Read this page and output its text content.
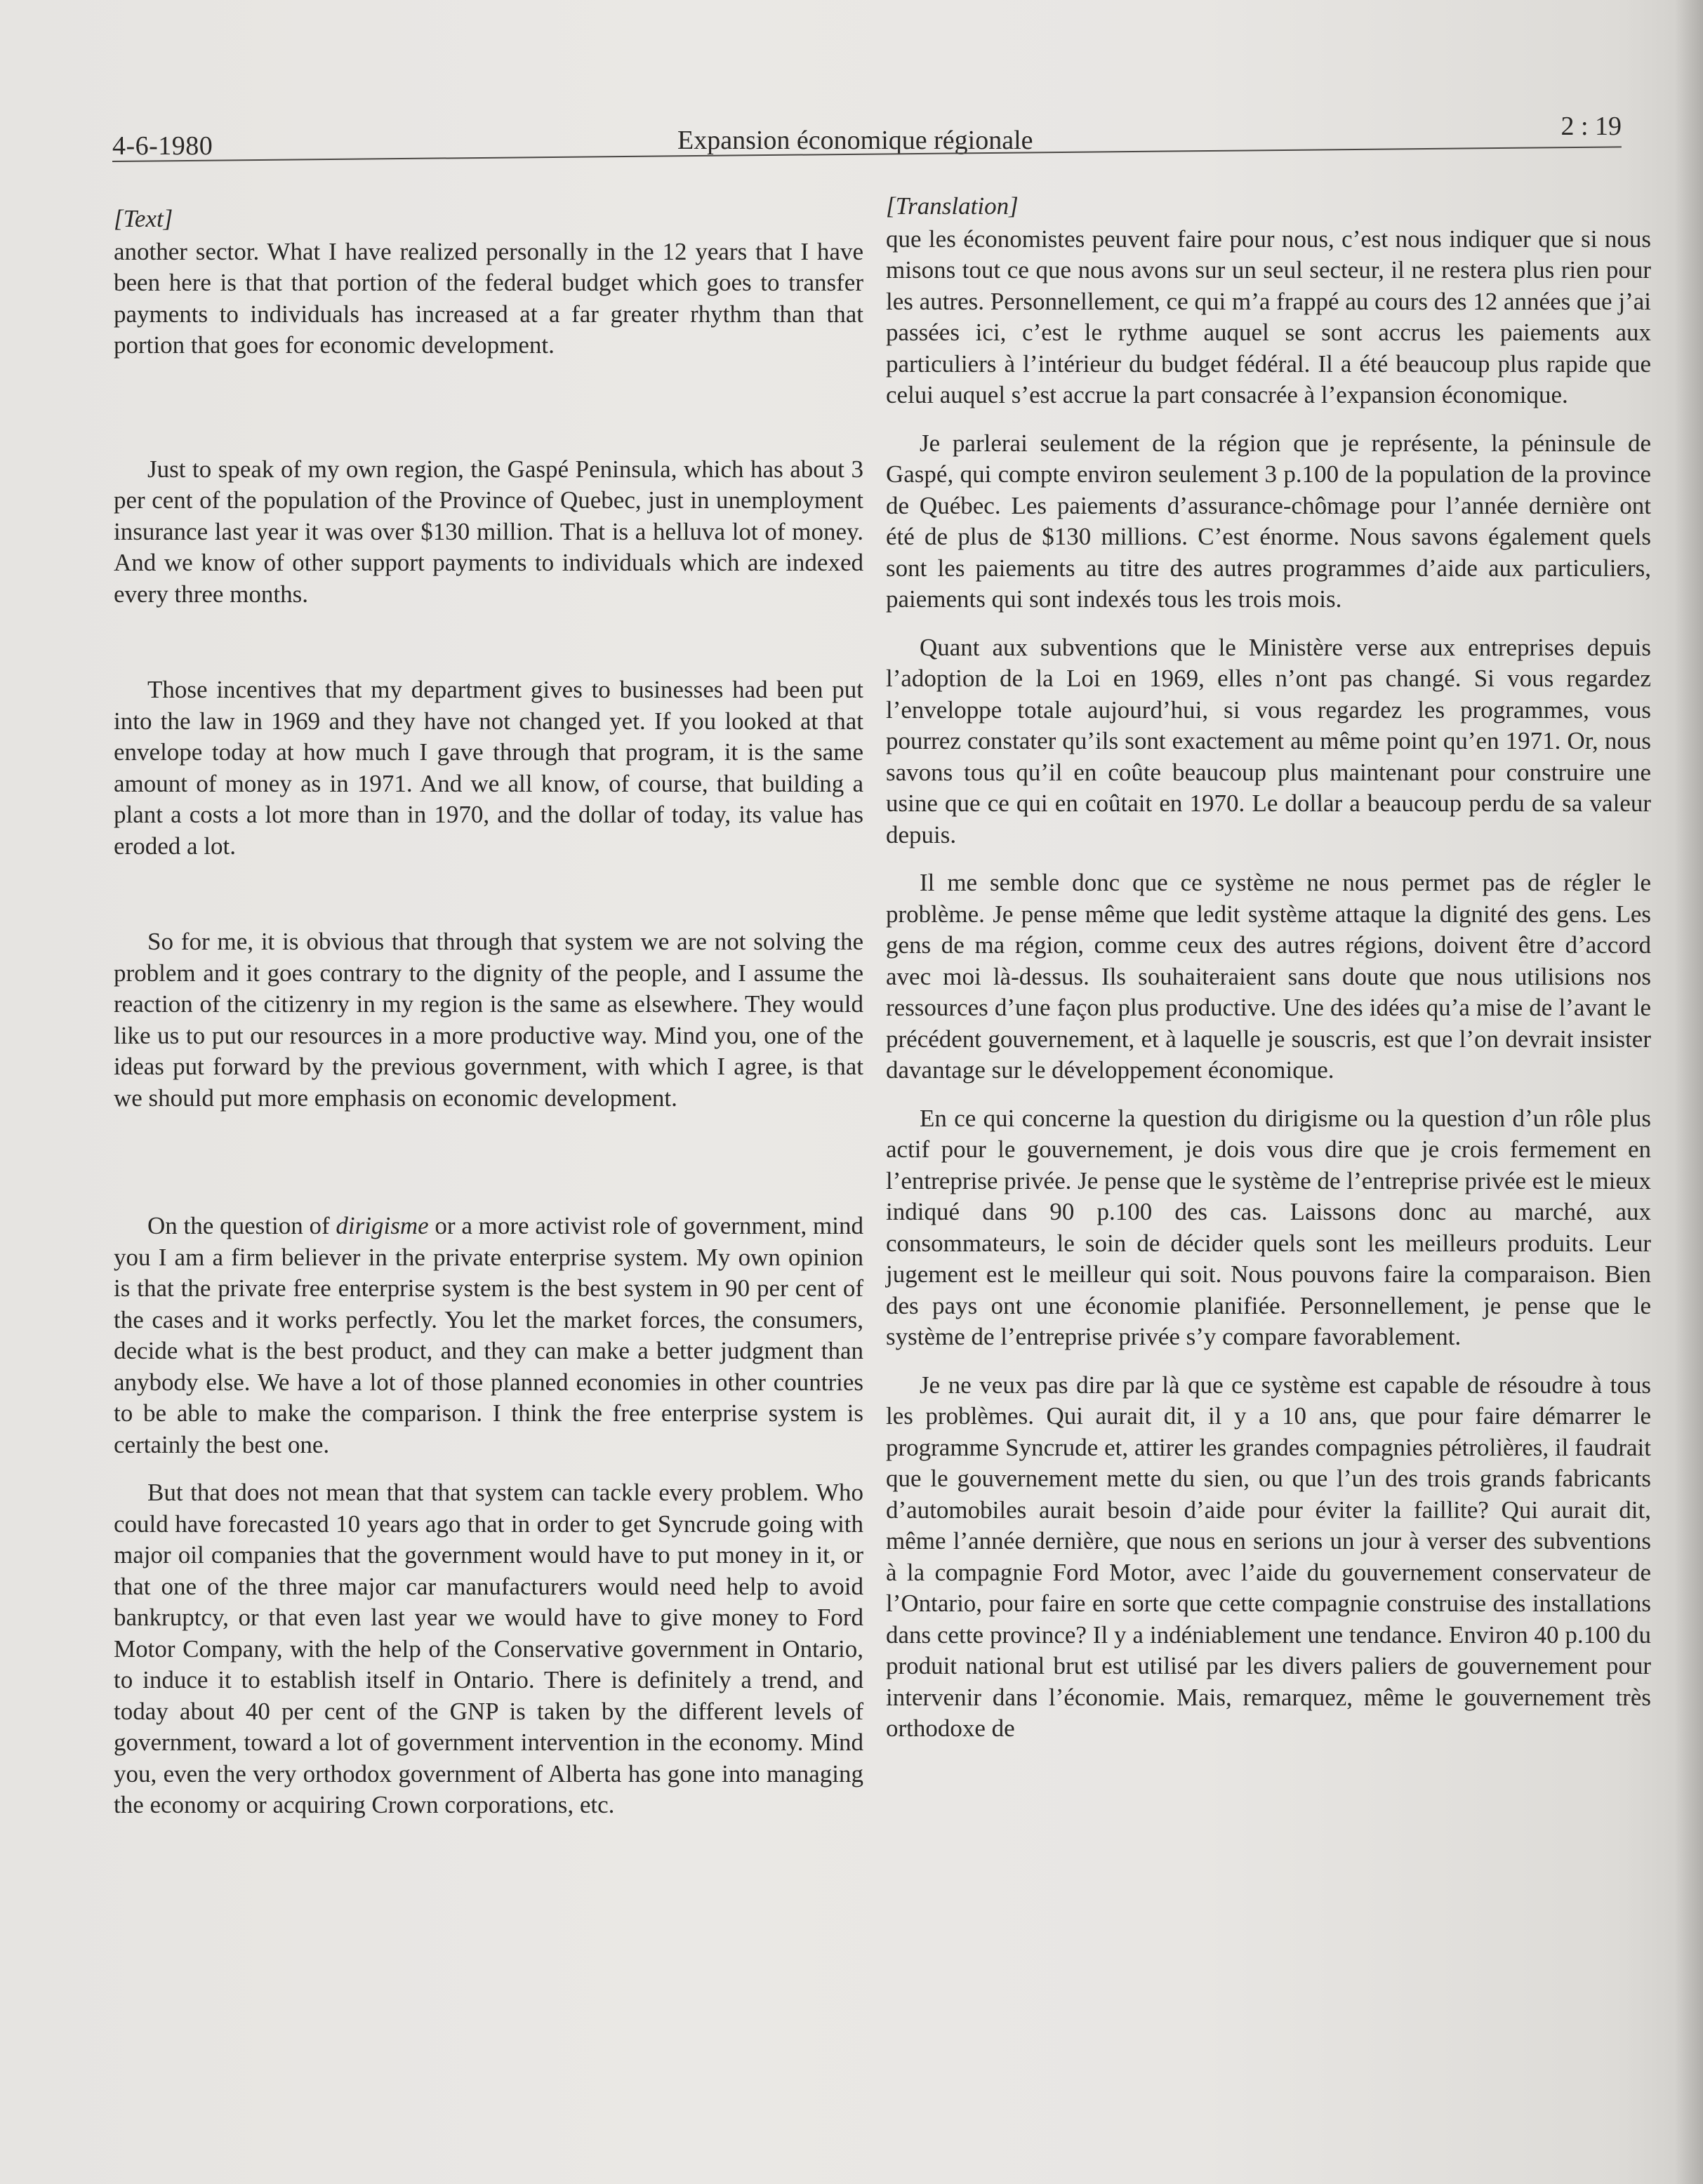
4-6-1980	Expansion économique régionale	2 : 19
[Text]

another sector. What I have realized personally in the 12 years that I have been here is that that portion of the federal budget which goes to transfer payments to individuals has increased at a far greater rhythm than that portion that goes for economic development.

Just to speak of my own region, the Gaspé Peninsula, which has about 3 per cent of the population of the Province of Quebec, just in unemployment insurance last year it was over $130 million. That is a helluva lot of money. And we know of other support payments to individuals which are indexed every three months.

Those incentives that my department gives to businesses had been put into the law in 1969 and they have not changed yet. If you looked at that envelope today at how much I gave through that program, it is the same amount of money as in 1971. And we all know, of course, that building a plant a costs a lot more than in 1970, and the dollar of today, its value has eroded a lot.

So for me, it is obvious that through that system we are not solving the problem and it goes contrary to the dignity of the people, and I assume the reaction of the citizenry in my region is the same as elsewhere. They would like us to put our resources in a more productive way. Mind you, one of the ideas put forward by the previous government, with which I agree, is that we should put more emphasis on economic development.

On the question of dirigisme or a more activist role of government, mind you I am a firm believer in the private enterprise system. My own opinion is that the private free enterprise system is the best system in 90 per cent of the cases and it works perfectly. You let the market forces, the consumers, decide what is the best product, and they can make a better judgment than anybody else. We have a lot of those planned economies in other countries to be able to make the comparison. I think the free enterprise system is certainly the best one.

But that does not mean that that system can tackle every problem. Who could have forecasted 10 years ago that in order to get Syncrude going with major oil companies that the government would have to put money in it, or that one of the three major car manufacturers would need help to avoid bankruptcy, or that even last year we would have to give money to Ford Motor Company, with the help of the Conservative government in Ontario, to induce it to establish itself in Ontario. There is definitely a trend, and today about 40 per cent of the GNP is taken by the different levels of government, toward a lot of government intervention in the economy. Mind you, even the very orthodox government of Alberta has gone into managing the economy or acquiring Crown corporations, etc.

[Translation]

que les économistes peuvent faire pour nous, c’est nous indiquer que si nous misons tout ce que nous avons sur un seul secteur, il ne restera plus rien pour les autres. Personnellement, ce qui m’a frappé au cours des 12 années que j’ai passées ici, c’est le rythme auquel se sont accrus les paiements aux particuliers à l’intérieur du budget fédéral. Il a été beaucoup plus rapide que celui auquel s’est accrue la part consacrée à l’expansion économique.

Je parlerai seulement de la région que je représente, la péninsule de Gaspé, qui compte environ seulement 3 p.100 de la population de la province de Québec. Les paiements d’assurance-chômage pour l’année dernière ont été de plus de $130 millions. C’est énorme. Nous savons également quels sont les paiements au titre des autres programmes d’aide aux particuliers, paiements qui sont indexés tous les trois mois.

Quant aux subventions que le Ministère verse aux entreprises depuis l’adoption de la Loi en 1969, elles n’ont pas changé. Si vous regardez l’enveloppe totale aujourd’hui, si vous regardez les programmes, vous pourrez constater qu’ils sont exactement au même point qu’en 1971. Or, nous savons tous qu’il en coûte beaucoup plus maintenant pour construire une usine que ce qui en coûtait en 1970. Le dollar a beaucoup perdu de sa valeur depuis.

Il me semble donc que ce système ne nous permet pas de régler le problème. Je pense même que ledit système attaque la dignité des gens. Les gens de ma région, comme ceux des autres régions, doivent être d’accord avec moi là-dessus. Ils souhaiteraient sans doute que nous utilisions nos ressources d’une façon plus productive. Une des idées qu’a mise de l’avant le précédent gouvernement, et à laquelle je souscris, est que l’on devrait insister davantage sur le développement économique.

En ce qui concerne la question du dirigisme ou la question d’un rôle plus actif pour le gouvernement, je dois vous dire que je crois fermement en l’entreprise privée. Je pense que le système de l’entreprise privée est le mieux indiqué dans 90 p.100 des cas. Laissons donc au marché, aux consommateurs, le soin de décider quels sont les meilleurs produits. Leur jugement est le meilleur qui soit. Nous pouvons faire la comparaison. Bien des pays ont une économie planifiée. Personnellement, je pense que le système de l’entreprise privée s’y compare favorablement.

Je ne veux pas dire par là que ce système est capable de résoudre à tous les problèmes. Qui aurait dit, il y a 10 ans, que pour faire démarrer le programme Syncrude et, attirer les grandes compagnies pétrolières, il faudrait que le gouvernement mette du sien, ou que l’un des trois grands fabricants d’automobiles aurait besoin d’aide pour éviter la faillite? Qui aurait dit, même l’année dernière, que nous en serions un jour à verser des subventions à la compagnie Ford Motor, avec l’aide du gouvernement conservateur de l’Ontario, pour faire en sorte que cette compagnie construise des installations dans cette province? Il y a indéniablement une tendance. Environ 40 p.100 du produit national brut est utilisé par les divers paliers de gouvernement pour intervenir dans l’économie. Mais, remarquez, même le gouvernement très orthodoxe de
